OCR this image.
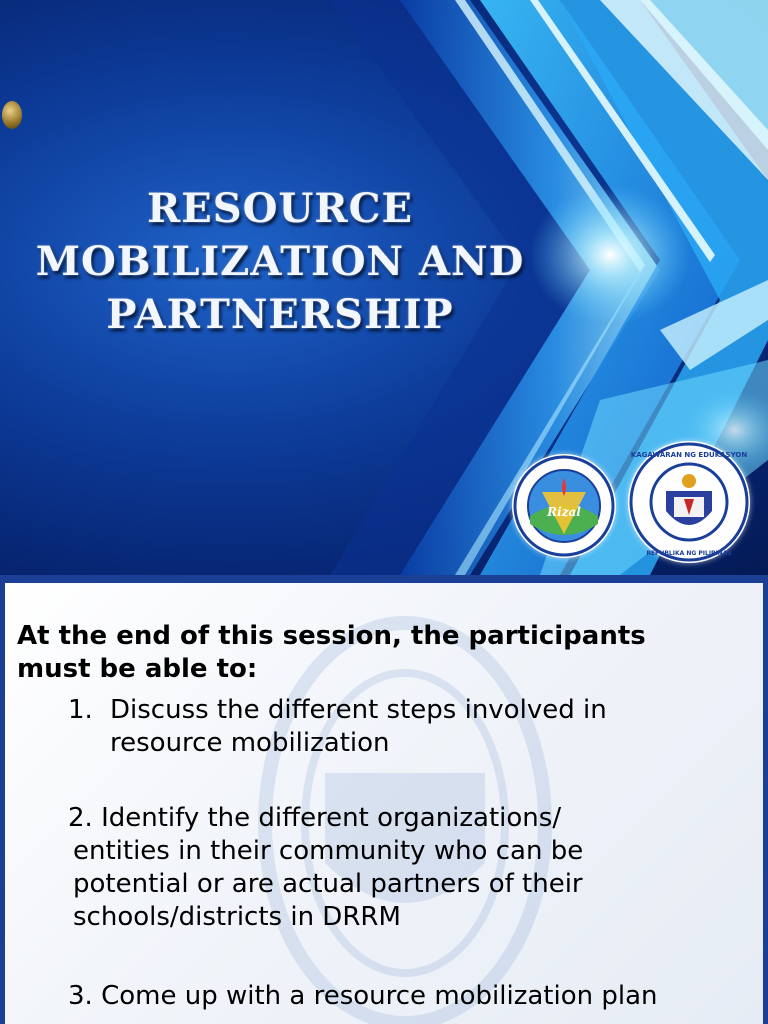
RESOURCE
MOBILIZATION AND
PARTNERSHIP
Rizal
KAGAWARAN NG EDUKASYON
REPUBLIKA NG PILIPINAS
At the end of this session, the participants
must be able to:
1. Discuss the different steps involved in
resource mobilization
2. Identify the different organizations/
entities in their community who can be
potential or are actual partners of their
schools/districts in DRRM
3. Come up with a resource mobilization plan
